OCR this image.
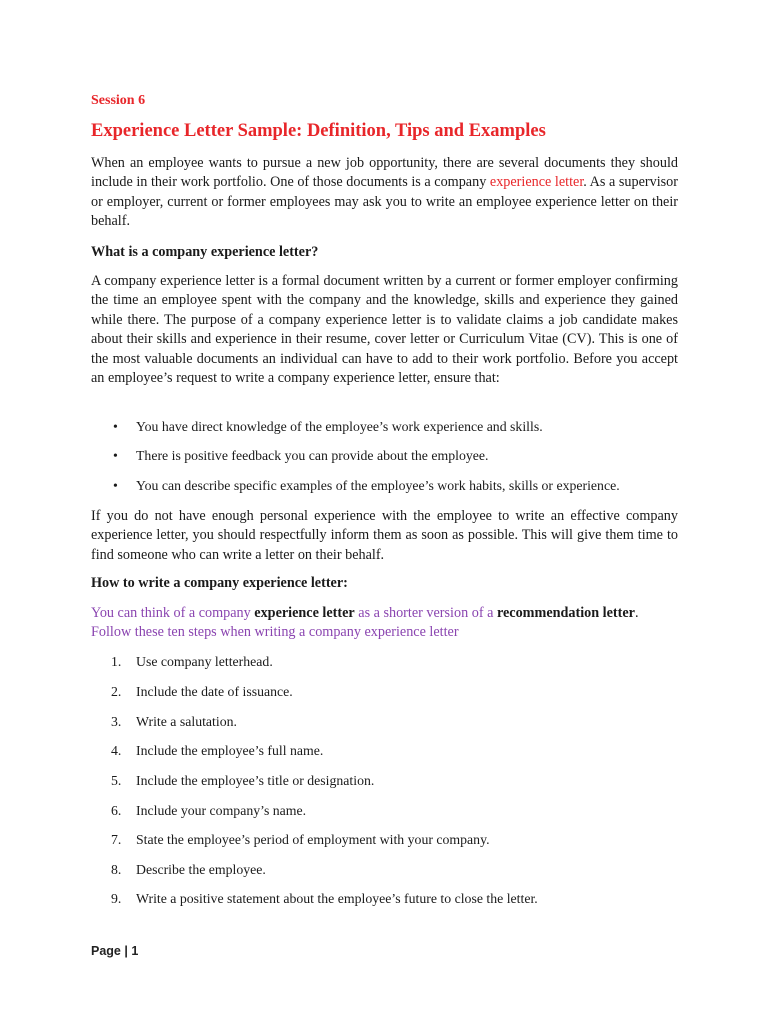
Session 6

Experience Letter Sample: Definition, Tips and Examples

When an employee wants to pursue a new job opportunity, there are several documents they should include in their work portfolio. One of those documents is a company experience letter. As a supervisor or employer, current or former employees may ask you to write an employee experience letter on their behalf.

What is a company experience letter?

A company experience letter is a formal document written by a current or former employer confirming the time an employee spent with the company and the knowledge, skills and experience they gained while there. The purpose of a company experience letter is to validate claims a job candidate makes about their skills and experience in their resume, cover letter or Curriculum Vitae (CV). This is one of the most valuable documents an individual can have to add to their work portfolio. Before you accept an employee’s request to write a company experience letter, ensure that:

• You have direct knowledge of the employee’s work experience and skills.
• There is positive feedback you can provide about the employee.
• You can describe specific examples of the employee’s work habits, skills or experience.

If you do not have enough personal experience with the employee to write an effective company experience letter, you should respectfully inform them as soon as possible. This will give them time to find someone who can write a letter on their behalf.

How to write a company experience letter:

You can think of a company experience letter as a shorter version of a recommendation letter.
Follow these ten steps when writing a company experience letter

1. Use company letterhead.
2. Include the date of issuance.
3. Write a salutation.
4. Include the employee’s full name.
5. Include the employee’s title or designation.
6. Include your company’s name.
7. State the employee’s period of employment with your company.
8. Describe the employee.
9. Write a positive statement about the employee’s future to close the letter.

Page | 1
